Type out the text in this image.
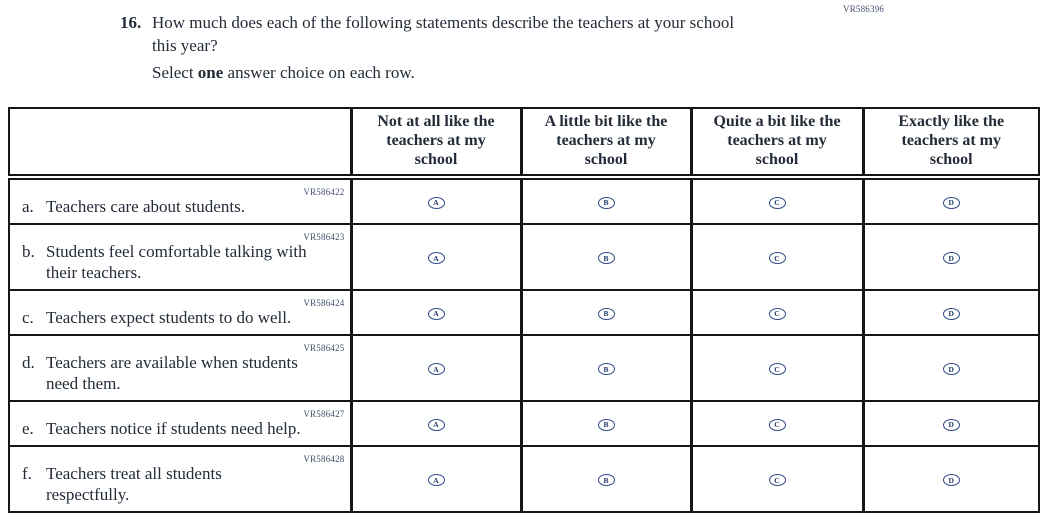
VR586396
16. How much does each of the following statements describe the teachers at your school this year?
Select one answer choice on each row.
	Not at all like the teachers at my school	A little bit like the teachers at my school	Quite a bit like the teachers at my school	Exactly like the teachers at my school

VR586422
a. Teachers care about students.	A	B	C	D

VR586423
b. Students feel comfortable talking with their teachers.	A	B	C	D

VR586424
c. Teachers expect students to do well.	A	B	C	D

VR586425
d. Teachers are available when students need them.	A	B	C	D

VR586427
e. Teachers notice if students need help.	A	B	C	D

VR586428
f. Teachers treat all students respectfully.	A	B	C	D
